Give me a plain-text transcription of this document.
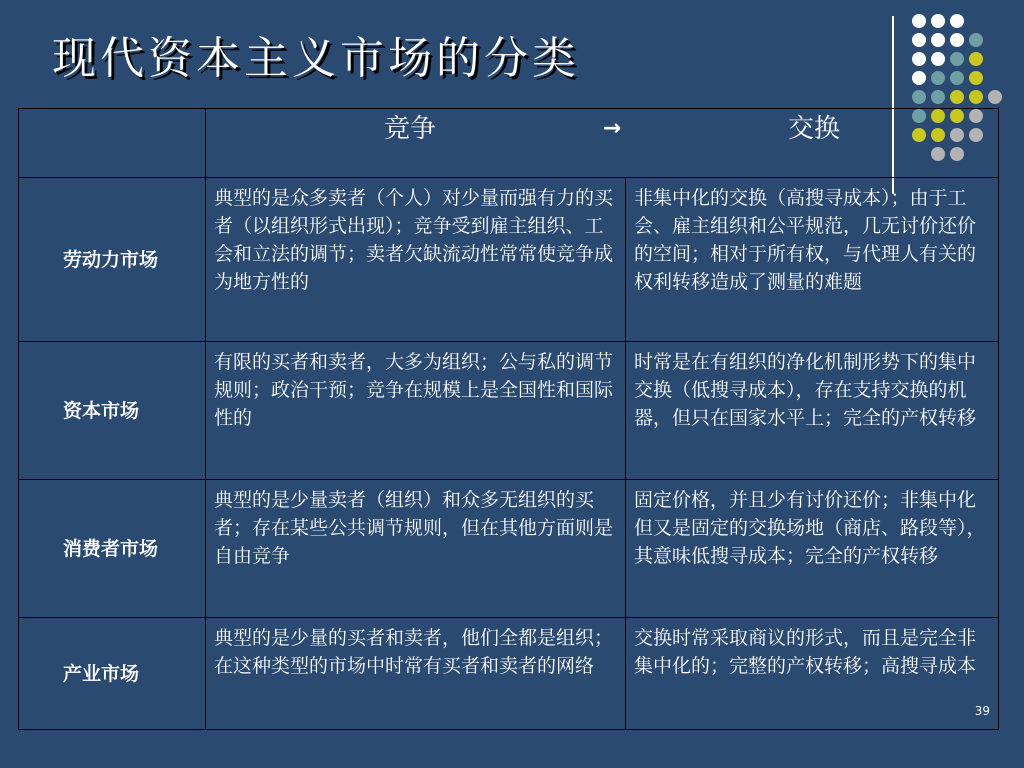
现代资本主义市场的分类

	竞争 → 交换	

劳动力市场	典型的是众多卖者（个人）对少量而强有力的买者（以组织形式出现）；竞争受到雇主组织、工会和立法的调节；卖者欠缺流动性常常使竞争成为地方性的	非集中化的交换（高搜寻成本）；由于工会、雇主组织和公平规范，几无讨价还价的空间；相对于所有权，与代理人有关的权利转移造成了测量的难题
资本市场	有限的买者和卖者，大多为组织；公与私的调节规则；政治干预；竞争在规模上是全国性和国际性的	时常是在有组织的净化机制形势下的集中交换（低搜寻成本），存在支持交换的机器，但只在国家水平上；完全的产权转移
消费者市场	典型的是少量卖者（组织）和众多无组织的买者；存在某些公共调节规则，但在其他方面则是自由竞争	固定价格，并且少有讨价还价；非集中化但又是固定的交换场地（商店、路段等），其意味低搜寻成本；完全的产权转移
产业市场	典型的是少量的买者和卖者，他们全都是组织；在这种类型的市场中时常有买者和卖者的网络	交换时常采取商议的形式，而且是完全非集中化的；完整的产权转移；高搜寻成本
39
